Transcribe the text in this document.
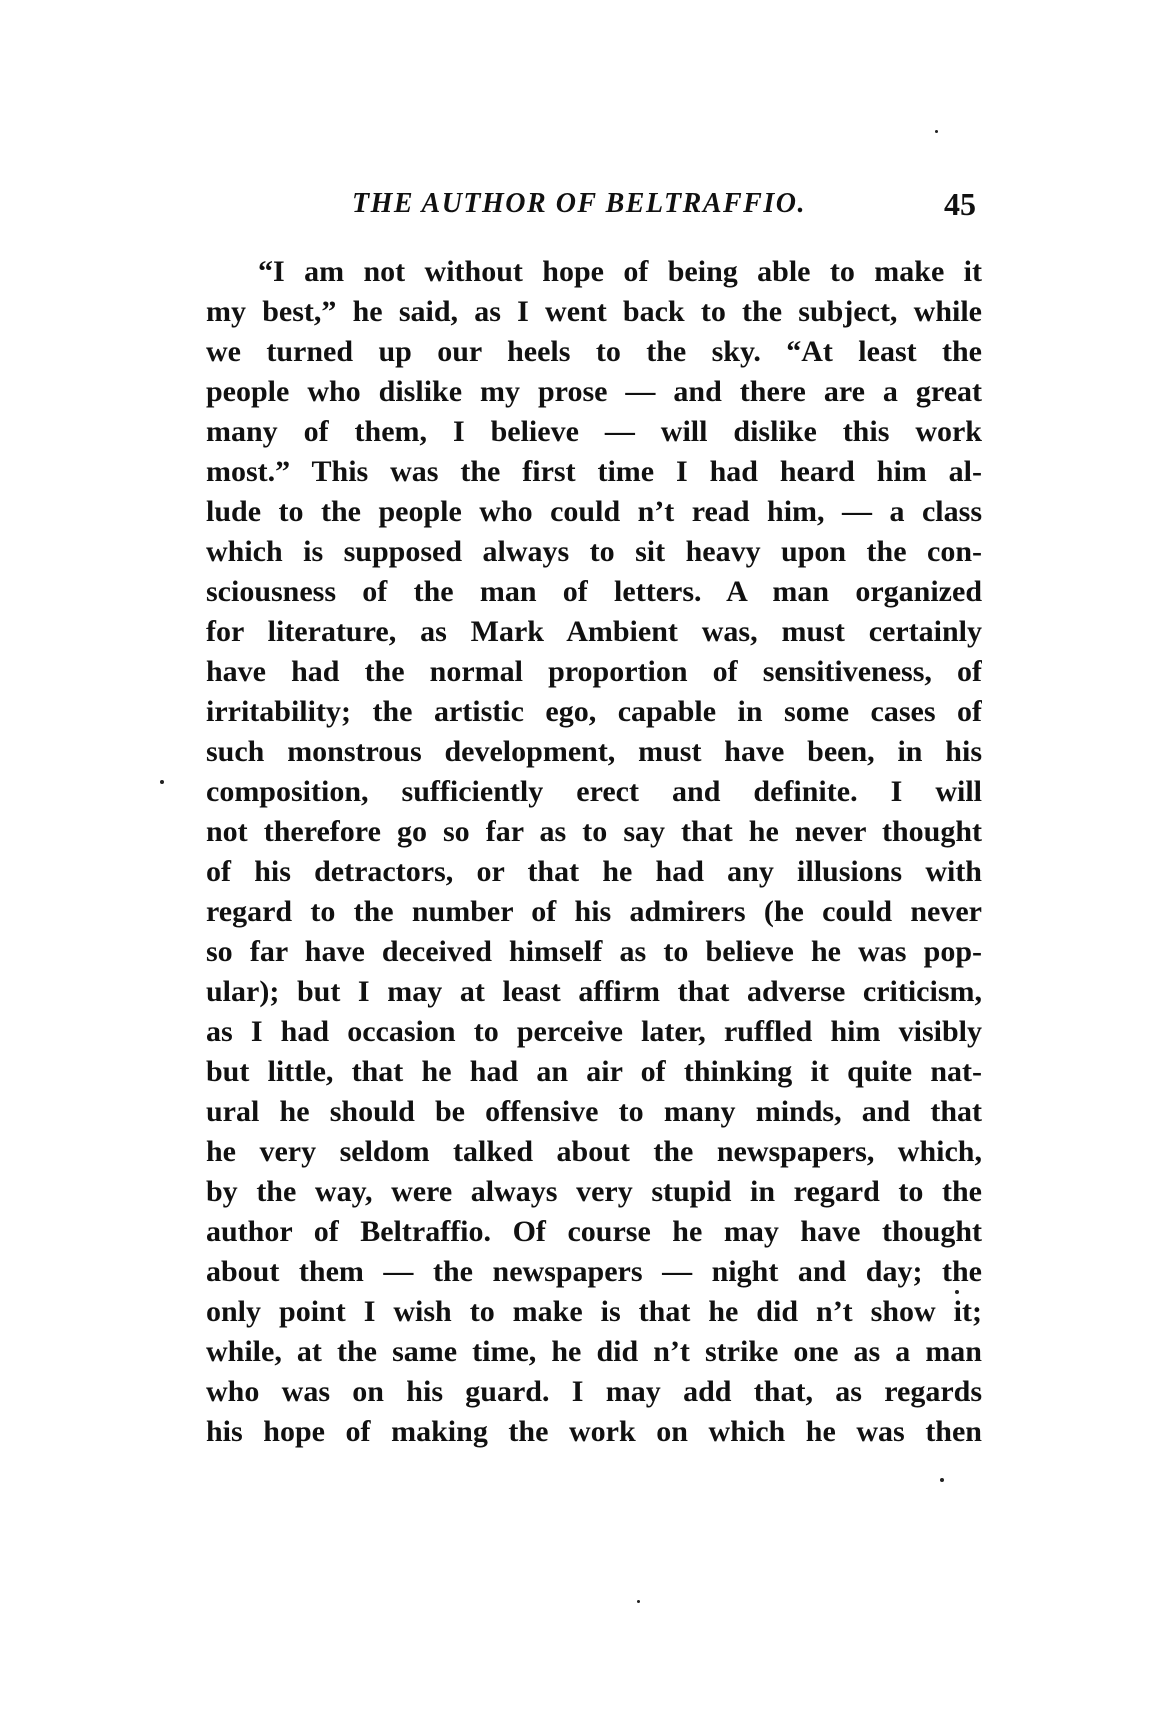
THE AUTHOR OF BELTRAFFIO.	45
“I am not without hope of being able to make it
my best,” he said, as I went back to the subject, while
we turned up our heels to the sky. “At least the
people who dislike my prose — and there are a great
many of them, I believe — will dislike this work
most.” This was the first time I had heard him al-
lude to the people who could n’t read him, — a class
which is supposed always to sit heavy upon the con-
sciousness of the man of letters. A man organized
for literature, as Mark Ambient was, must certainly
have had the normal proportion of sensitiveness, of
irritability; the artistic ego, capable in some cases of
such monstrous development, must have been, in his
composition, sufficiently erect and definite. I will
not therefore go so far as to say that he never thought
of his detractors, or that he had any illusions with
regard to the number of his admirers (he could never
so far have deceived himself as to believe he was pop-
ular); but I may at least affirm that adverse criticism,
as I had occasion to perceive later, ruffled him visibly
but little, that he had an air of thinking it quite nat-
ural he should be offensive to many minds, and that
he very seldom talked about the newspapers, which,
by the way, were always very stupid in regard to the
author of Beltraffio. Of course he may have thought
about them — the newspapers — night and day; the
only point I wish to make is that he did n’t show it;
while, at the same time, he did n’t strike one as a man
who was on his guard. I may add that, as regards
his hope of making the work on which he was then
